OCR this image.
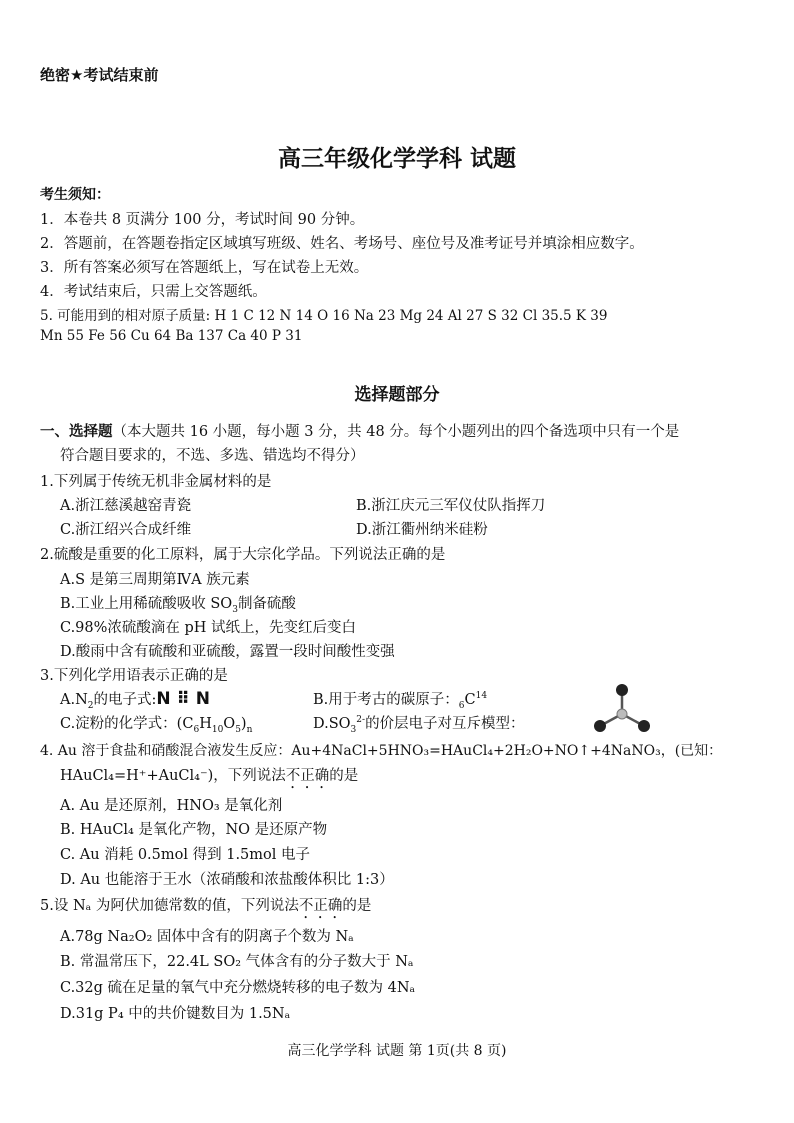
绝密★考试结束前
高三年级化学学科 试题
考生须知：
1．本卷共 8 页满分 100 分，考试时间 90 分钟。
2．答题前，在答题卷指定区域填写班级、姓名、考场号、座位号及准考证号并填涂相应数字。
3．所有答案必须写在答题纸上，写在试卷上无效。
4．考试结束后，只需上交答题纸。
5. 可能用到的相对原子质量: H 1 C 12 N 14 O 16 Na 23 Mg 24 Al 27 S 32 Cl 35.5 K 39
Mn 55 Fe 56 Cu 64 Ba 137 Ca 40 P 31
选择题部分
一、选择题（本大题共 16 小题，每小题 3 分，共 48 分。每个小题列出的四个备选项中只有一个是
符合题目要求的，不选、多选、错选均不得分）
1.下列属于传统无机非金属材料的是
A.浙江慈溪越窑青瓷	B.浙江庆元三军仪仗队指挥刀
C.浙江绍兴合成纤维	D.浙江衢州纳米硅粉
2.硫酸是重要的化工原料，属于大宗化学品。下列说法正确的是
A.S 是第三周期第ⅣA 族元素
B.工业上用稀硫酸吸收 $SO_3$制备硫酸
C.98%浓硫酸滴在 pH 试纸上，先变红后变白
D.酸雨中含有硫酸和亚硫酸，露置一段时间酸性变强
3.下列化学用语表示正确的是
$A.N_2$的电子式:N ⠿ N	B.用于考古的碳原子：$_6C^{14}$
C.淀粉的化学式：$(C_6H_{10}O_5)_n$	$D.SO_3^{2-}$的价层电子对互斥模型：
4. Au 溶于食盐和硝酸混合液发生反应：Au+4NaCl+5HNO₃=HAuCl₄+2H₂O+NO↑+4NaNO₃，(已知：
HAuCl₄=H⁺+AuCl₄⁻)，下列说法不正确的是
A. Au 是还原剂，HNO₃ 是氧化剂
B. HAuCl₄ 是氧化产物，NO 是还原产物
C. Au 消耗 0.5mol 得到 1.5mol 电子
D. Au 也能溶于王水（浓硝酸和浓盐酸体积比 1:3）
5.设 Nₐ 为阿伏加德常数的值，下列说法不正确的是
A.78g Na₂O₂ 固体中含有的阴离子个数为 Nₐ
B. 常温常压下，22.4L SO₂ 气体含有的分子数大于 Nₐ
C.32g 硫在足量的氧气中充分燃烧转移的电子数为 4Nₐ
D.31g P₄ 中的共价键数目为 1.5Nₐ
高三化学学科 试题 第 1页(共 8 页)
